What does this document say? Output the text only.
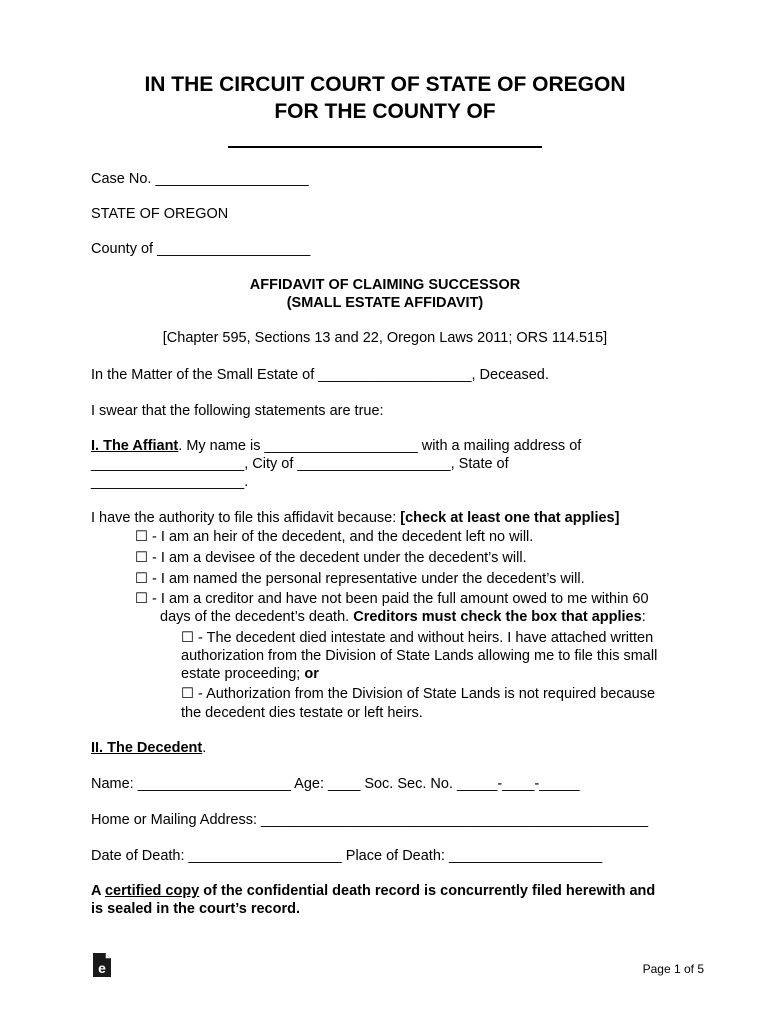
IN THE CIRCUIT COURT OF STATE OF OREGON
FOR THE COUNTY OF
Case No. ___________________
STATE OF OREGON
County of ___________________
AFFIDAVIT OF CLAIMING SUCCESSOR
(SMALL ESTATE AFFIDAVIT)
[Chapter 595, Sections 13 and 22, Oregon Laws 2011; ORS 114.515]
In the Matter of the Small Estate of ___________________, Deceased.
I swear that the following statements are true:
I. The Affiant. My name is ___________________ with a mailing address of
___________________, City of ___________________, State of
___________________.
I have the authority to file this affidavit because: [check at least one that applies]
☐ - I am an heir of the decedent, and the decedent left no will.
☐ - I am a devisee of the decedent under the decedent’s will.
☐ - I am named the personal representative under the decedent’s will.
☐ - I am a creditor and have not been paid the full amount owed to me within 60
days of the decedent’s death. Creditors must check the box that applies:
☐ - The decedent died intestate and without heirs. I have attached written
authorization from the Division of State Lands allowing me to file this small
estate proceeding; or
☐ - Authorization from the Division of State Lands is not required because
the decedent dies testate or left heirs.
II. The Decedent.
Name: ___________________ Age: ____ Soc. Sec. No. _____-____-_____
Home or Mailing Address: ________________________________________________
Date of Death: ___________________ Place of Death: ___________________
A certified copy of the confidential death record is concurrently filed herewith and
is sealed in the court’s record.
e	Page 1 of 5
